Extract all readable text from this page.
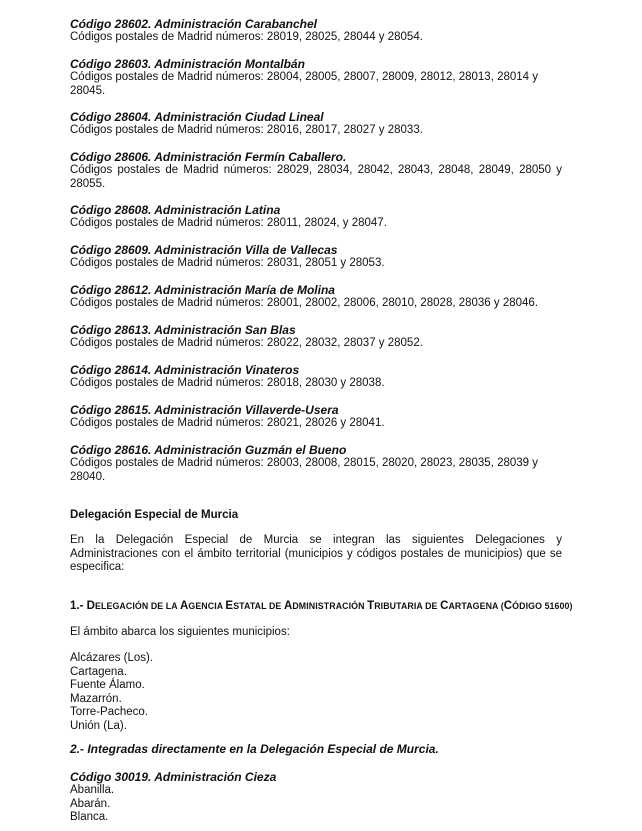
Código 28602. Administración Carabanchel
Códigos postales de Madrid números: 28019, 28025, 28044 y 28054.
Código 28603. Administración Montalbán
Códigos postales de Madrid números: 28004, 28005, 28007, 28009, 28012, 28013, 28014 y 28045.
Código 28604. Administración Ciudad Lineal
Códigos postales de Madrid números: 28016, 28017, 28027 y 28033.
Código 28606. Administración Fermín Caballero.
Códigos postales de Madrid números: 28029, 28034, 28042, 28043, 28048, 28049, 28050 y 28055.
Código 28608. Administración Latina
Códigos postales de Madrid números: 28011, 28024, y 28047.
Código 28609. Administración Villa de Vallecas
Códigos postales de Madrid números: 28031, 28051 y 28053.
Código 28612. Administración María de Molina
Códigos postales de Madrid números: 28001, 28002, 28006, 28010, 28028, 28036 y 28046.
Código 28613. Administración San Blas
Códigos postales de Madrid números: 28022, 28032, 28037 y 28052.
Código 28614. Administración Vinateros
Códigos postales de Madrid números: 28018, 28030 y 28038.
Código 28615. Administración Villaverde-Usera
Códigos postales de Madrid números: 28021, 28026 y 28041.
Código 28616. Administración Guzmán el Bueno
Códigos postales de Madrid números: 28003, 28008, 28015, 28020, 28023, 28035, 28039 y 28040.
Delegación Especial de Murcia
En la Delegación Especial de Murcia se integran las siguientes Delegaciones y Administraciones con el ámbito territorial (municipios y códigos postales de municipios) que se especifica:
1.- DELEGACIÓN DE LA AGENCIA ESTATAL DE ADMINISTRACIÓN TRIBUTARIA DE CARTAGENA (CÓDIGO 51600)
El ámbito abarca los siguientes municipios:
Alcázares (Los).
Cartagena.
Fuente Álamo.
Mazarrón.
Torre-Pacheco.
Unión (La).
2.- Integradas directamente en la Delegación Especial de Murcia.
Código 30019. Administración Cieza
Abanilla.
Abarán.
Blanca.
